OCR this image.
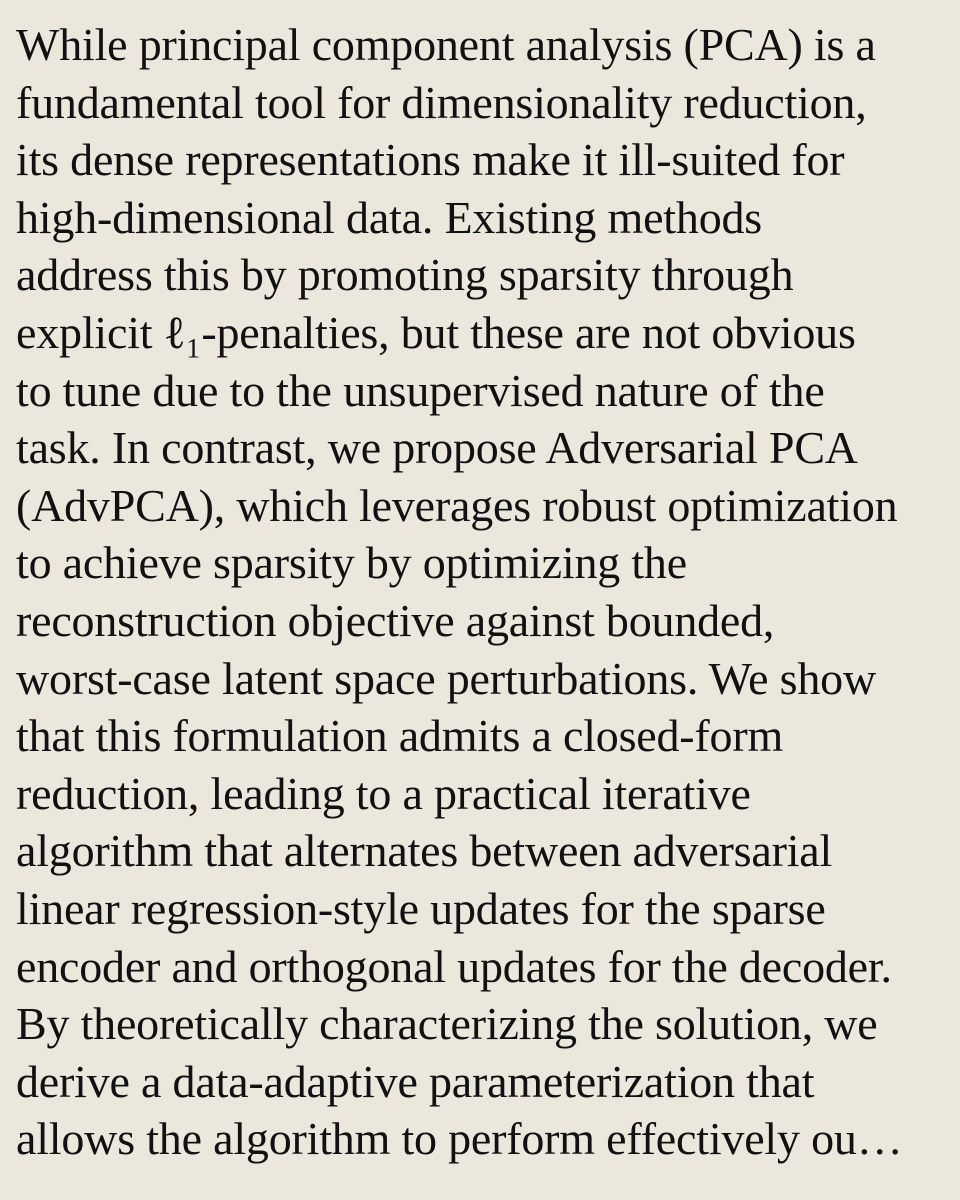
While principal component analysis (PCA) is a
fundamental tool for dimensionality reduction,
its dense representations make it ill-suited for
high-dimensional data. Existing methods
address this by promoting sparsity through
explicit ℓ₁-penalties, but these are not obvious
to tune due to the unsupervised nature of the
task. In contrast, we propose Adversarial PCA
(AdvPCA), which leverages robust optimization
to achieve sparsity by optimizing the
reconstruction objective against bounded,
worst-case latent space perturbations. We show
that this formulation admits a closed-form
reduction, leading to a practical iterative
algorithm that alternates between adversarial
linear regression-style updates for the sparse
encoder and orthogonal updates for the decoder.
By theoretically characterizing the solution, we
derive a data-adaptive parameterization that
allows the algorithm to perform effectively ou…
